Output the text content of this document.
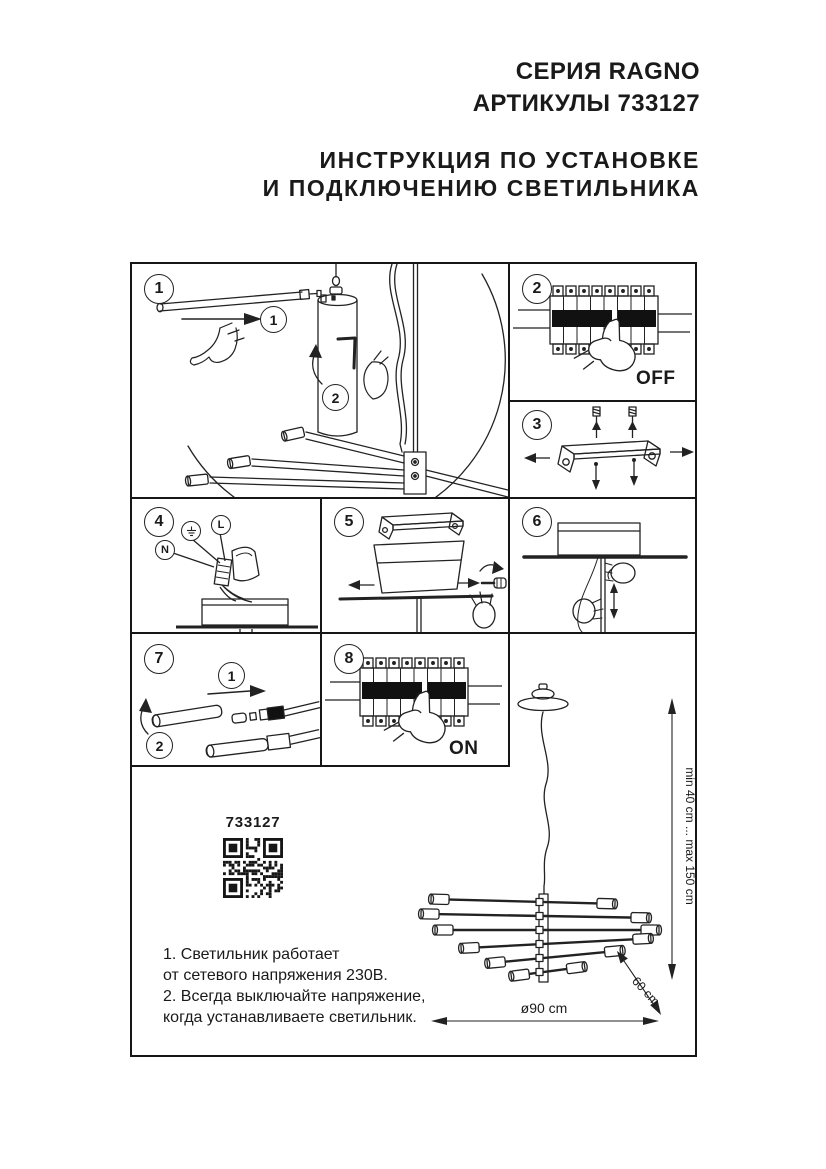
СЕРИЯ RAGNO
АРТИКУЛЫ 733127
ИНСТРУКЦИЯ ПО УСТАНОВКЕ
И ПОДКЛЮЧЕНИЮ СВЕТИЛЬНИКА
1
1
2
2
OFF
3
4	L
N
5	6
7
1
2
8
ON
min 40 cm ... max 150 cm
60 cm
ø90 cm
733127
1. Светильник работает
от сетевого напряжения 230В.
2. Всегда выключайте напряжение,
когда устанавливаете светильник.
